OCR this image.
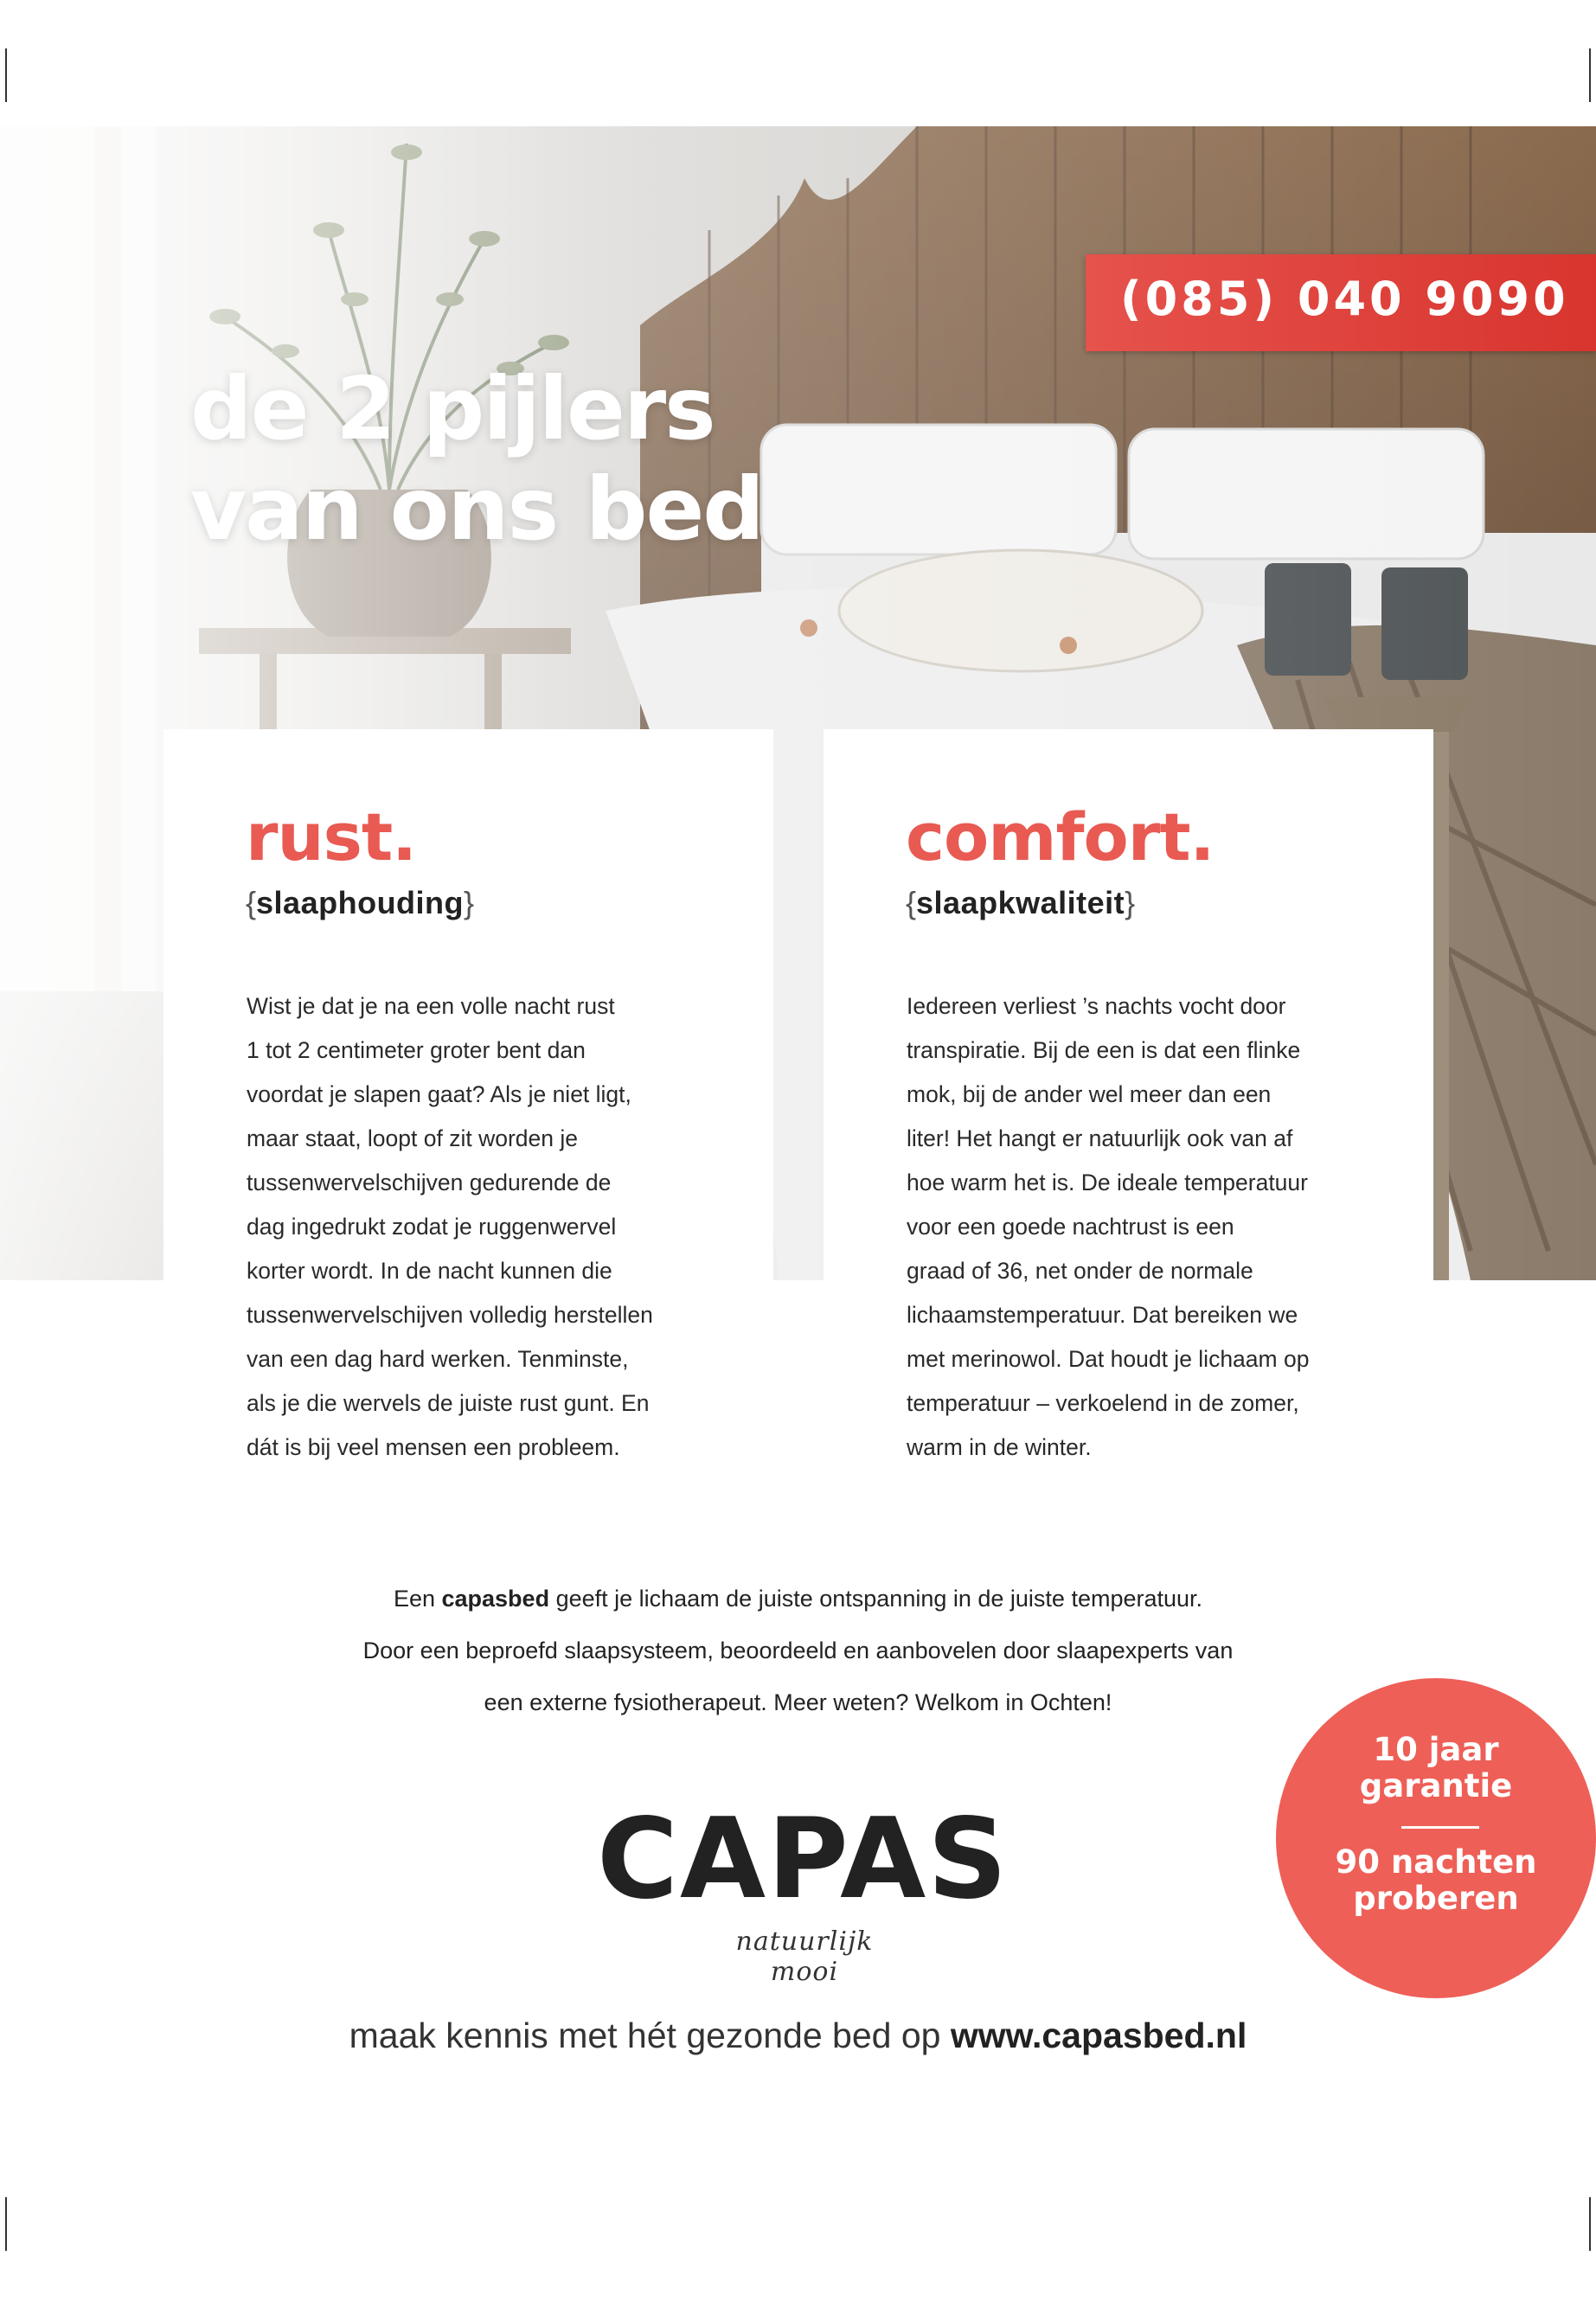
(085) 040 9090
de 2 pijlers
van ons bed
rust.
{slaaphouding}
comfort.
{slaapkwaliteit}
Wist je dat je na een volle nacht rust
1 tot 2 centimeter groter bent dan
voordat je slapen gaat? Als je niet ligt,
maar staat, loopt of zit worden je
tussenwervelschijven gedurende de
dag ingedrukt zodat je ruggenwervel
korter wordt. In de nacht kunnen die
tussenwervelschijven volledig herstellen
van een dag hard werken. Tenminste,
als je die wervels de juiste rust gunt. En
dát is bij veel mensen een probleem.
Iedereen verliest ’s nachts vocht door
transpiratie. Bij de een is dat een flinke
mok, bij de ander wel meer dan een
liter! Het hangt er natuurlijk ook van af
hoe warm het is. De ideale temperatuur
voor een goede nachtrust is een
graad of 36, net onder de normale
lichaamstemperatuur. Dat bereiken we
met merinowol. Dat houdt je lichaam op
temperatuur – verkoelend in de zomer,
warm in de winter.
Een capasbed geeft je lichaam de juiste ontspanning in de juiste temperatuur.
Door een beproefd slaapsysteem, beoordeeld en aanbovelen door slaapexperts van
een externe fysiotherapeut. Meer weten? Welkom in Ochten!
10 jaar
garantie
90 nachten
proberen
CAPAS
natuurlijk mooi
maak kennis met hét gezonde bed op www.capasbed.nl
